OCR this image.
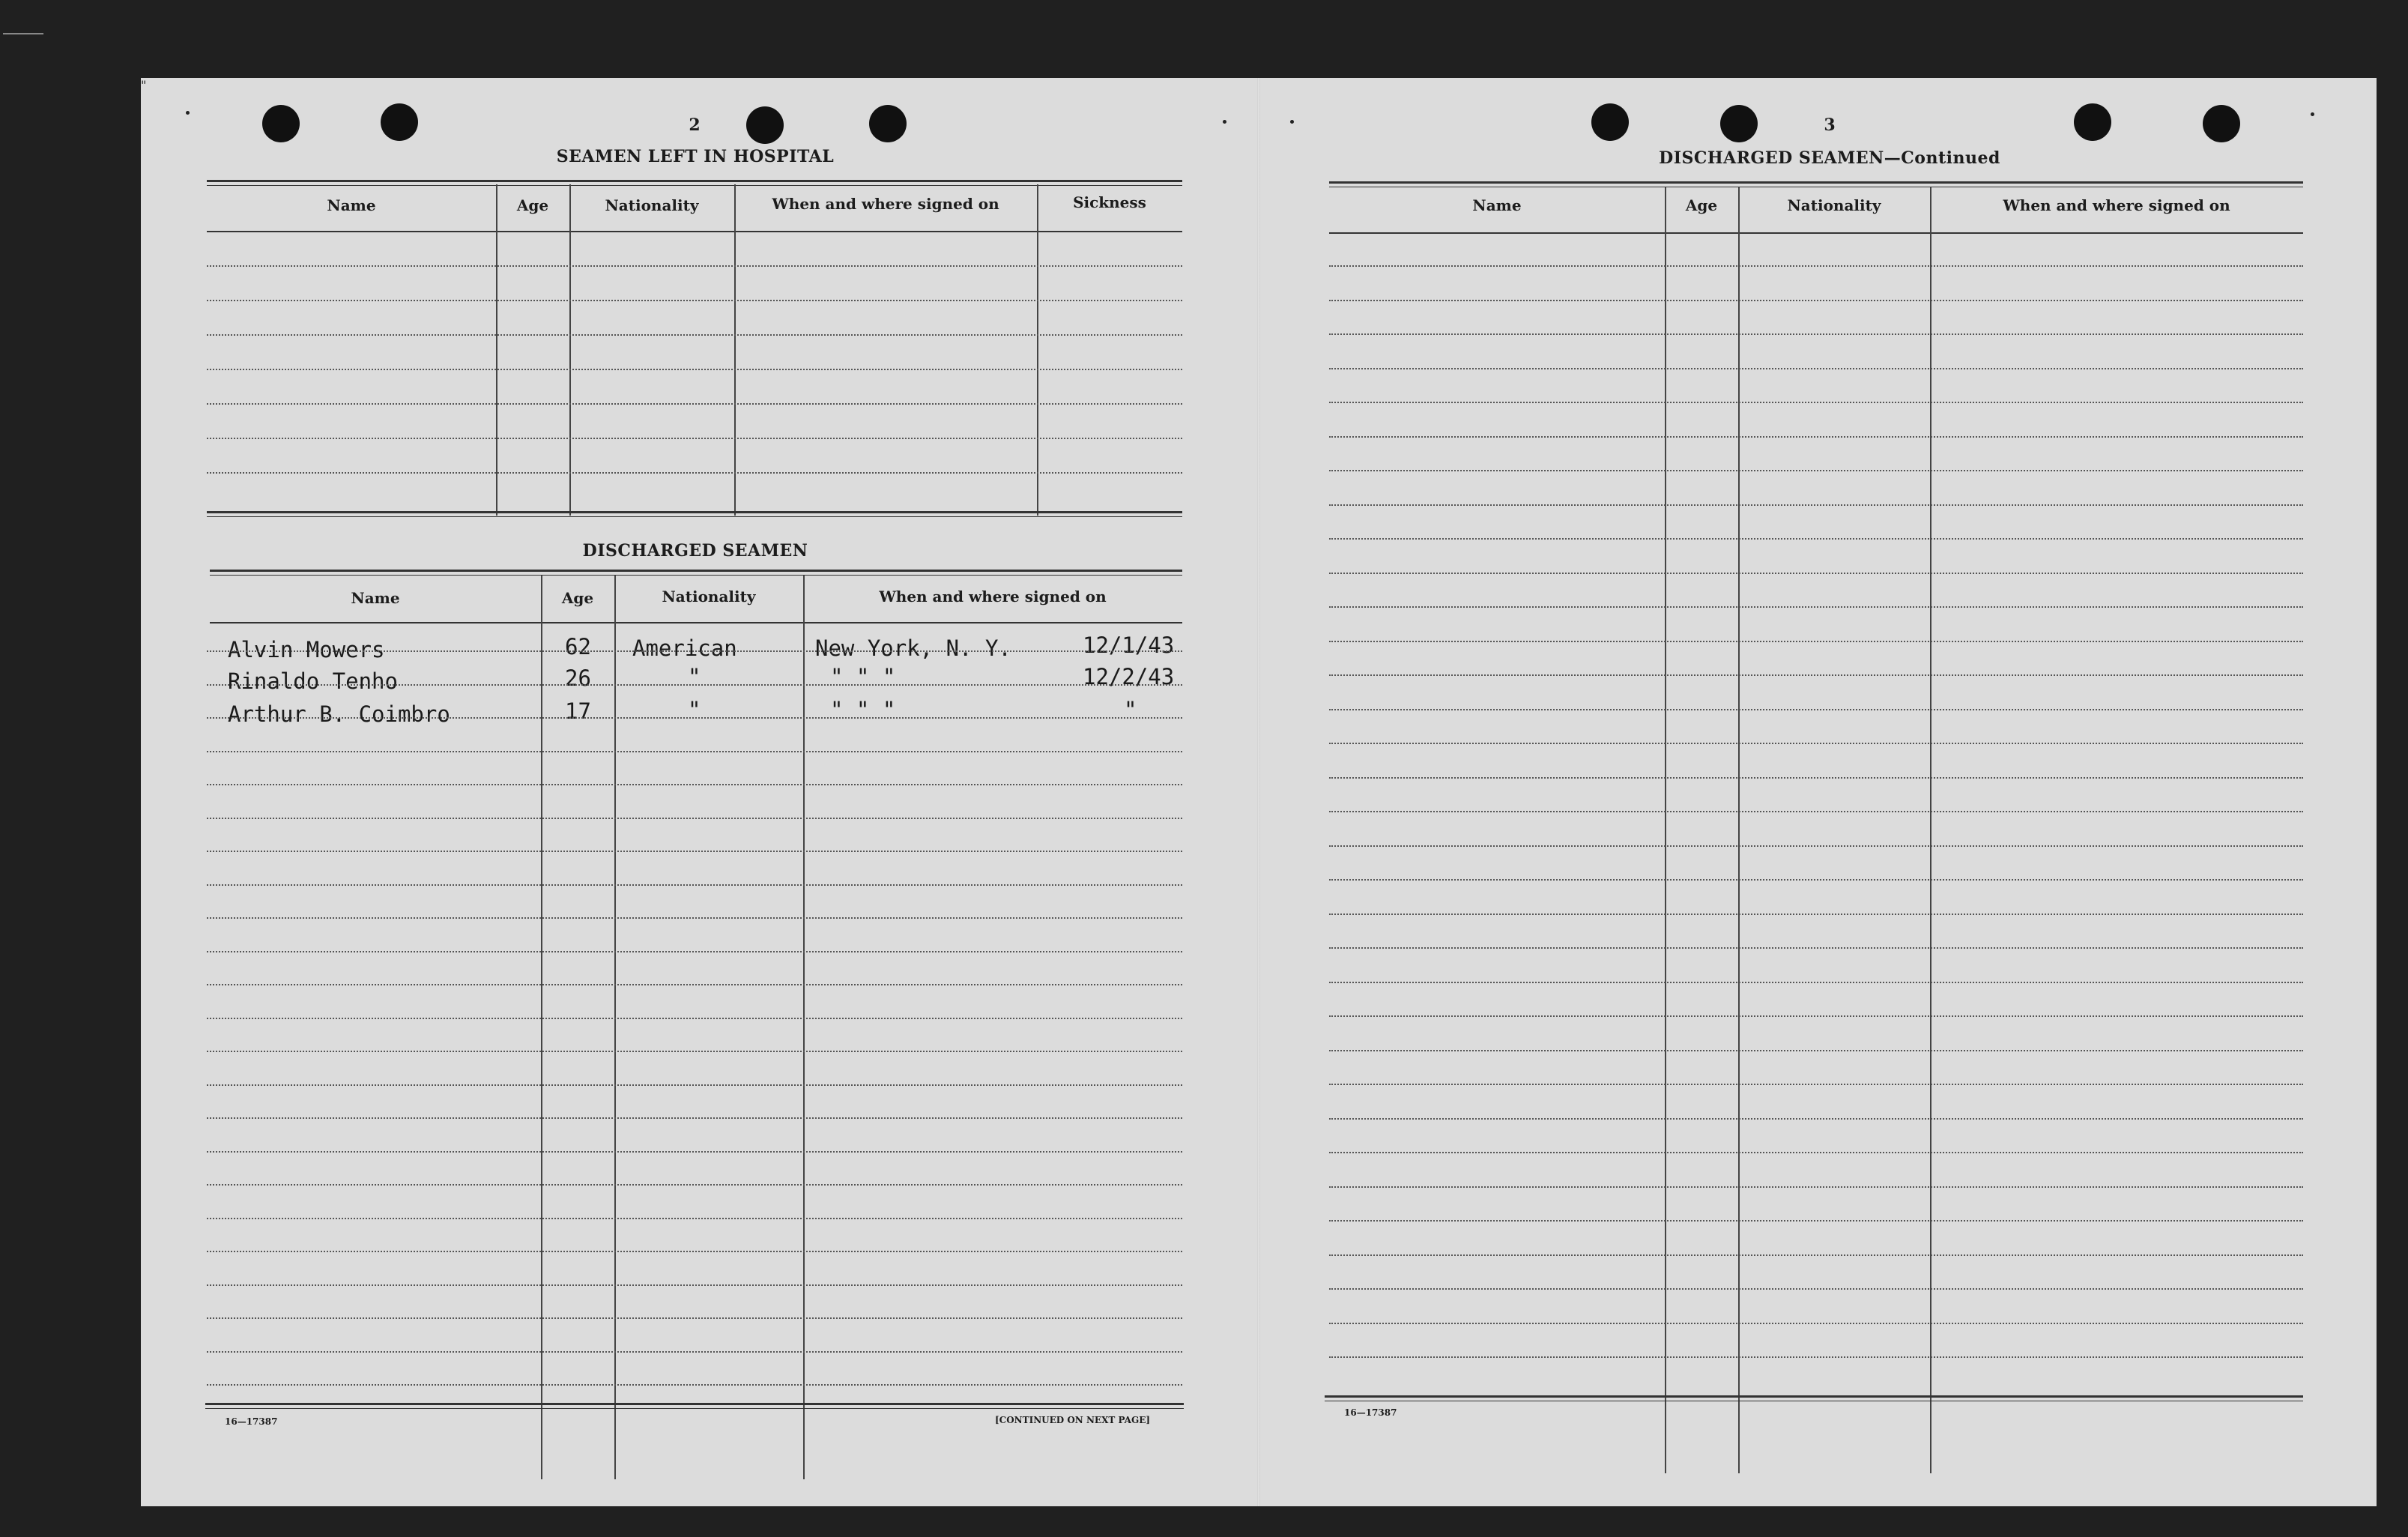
"
2
SEAMEN LEFT IN HOSPITAL
Name	Age	Nationality	When and where signed on	Sickness
DISCHARGED SEAMEN
Name	Age	Nationality	When and where signed on
Alvin Mowers	62 American	New York, N. Y.	12/1/43
Rinaldo Tenho	26	"	" " "	12/2/43
Arthur B. Coimbro	17	"	" " "	"
16—17387	[CONTINUED ON NEXT PAGE]
3
DISCHARGED SEAMEN—Continued
Name	Age	Nationality	When and where signed on
16—17387
